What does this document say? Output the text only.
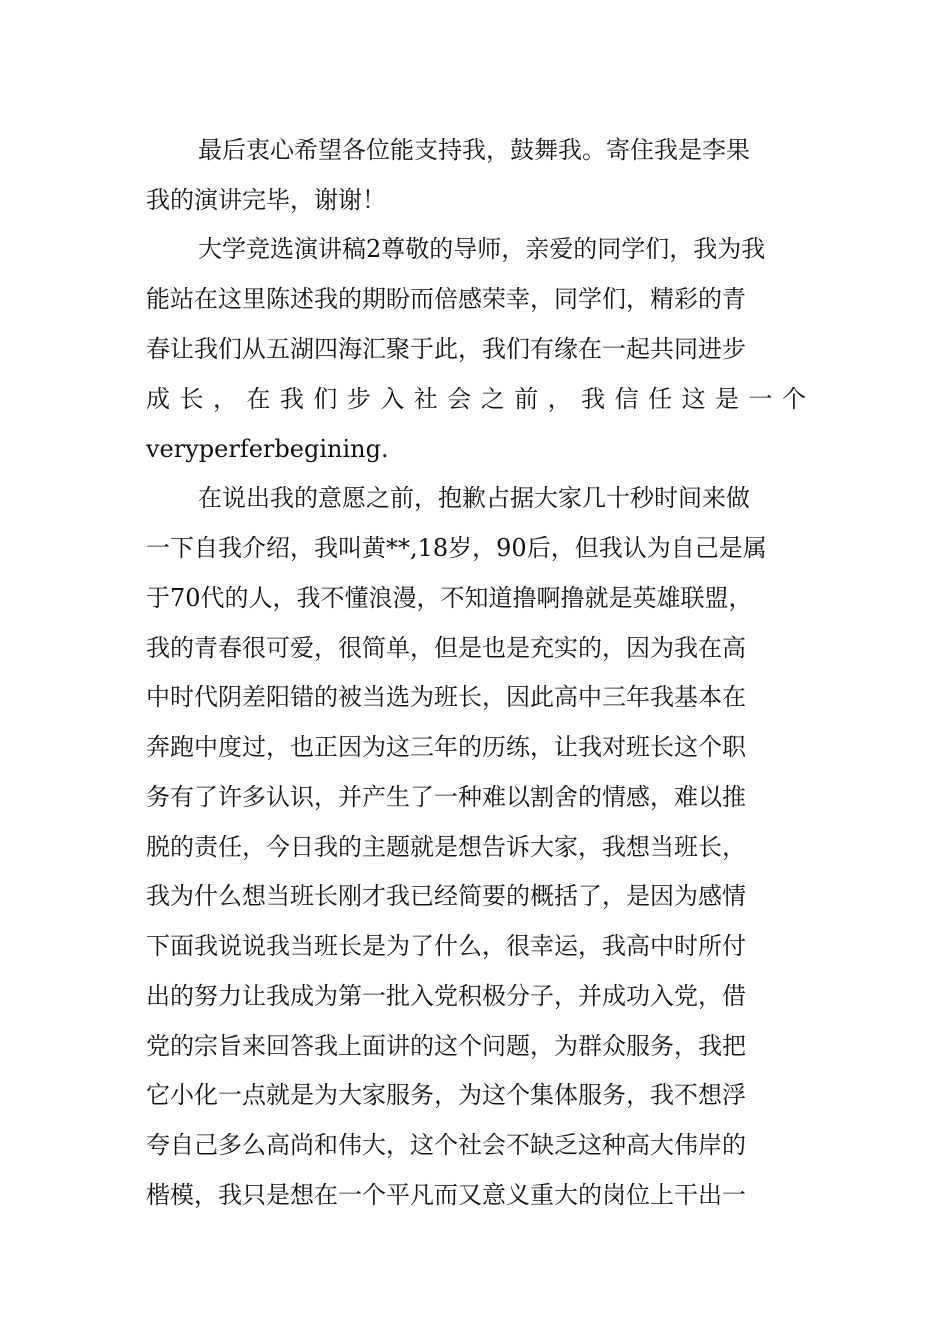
最后衷心希望各位能支持我，鼓舞我。寄住我是李果
我的演讲完毕，谢谢！
大学竞选演讲稿2尊敬的导师，亲爱的同学们，我为我
能站在这里陈述我的期盼而倍感荣幸，同学们，精彩的青
春让我们从五湖四海汇聚于此，我们有缘在一起共同进步
成长，在我们步入社会之前，我信任这是一个
veryperferbegining.
在说出我的意愿之前，抱歉占据大家几十秒时间来做
一下自我介绍，我叫黄**,18岁，90后，但我认为自己是属
于70代的人，我不懂浪漫，不知道撸啊撸就是英雄联盟，
我的青春很可爱，很简单，但是也是充实的，因为我在高
中时代阴差阳错的被当选为班长，因此高中三年我基本在
奔跑中度过，也正因为这三年的历练，让我对班长这个职
务有了许多认识，并产生了一种难以割舍的情感，难以推
脱的责任，今日我的主题就是想告诉大家，我想当班长，
我为什么想当班长刚才我已经简要的概括了，是因为感情
下面我说说我当班长是为了什么，很幸运，我高中时所付
出的努力让我成为第一批入党积极分子，并成功入党，借
党的宗旨来回答我上面讲的这个问题，为群众服务，我把
它小化一点就是为大家服务，为这个集体服务，我不想浮
夸自己多么高尚和伟大，这个社会不缺乏这种高大伟岸的
楷模，我只是想在一个平凡而又意义重大的岗位上干出一
